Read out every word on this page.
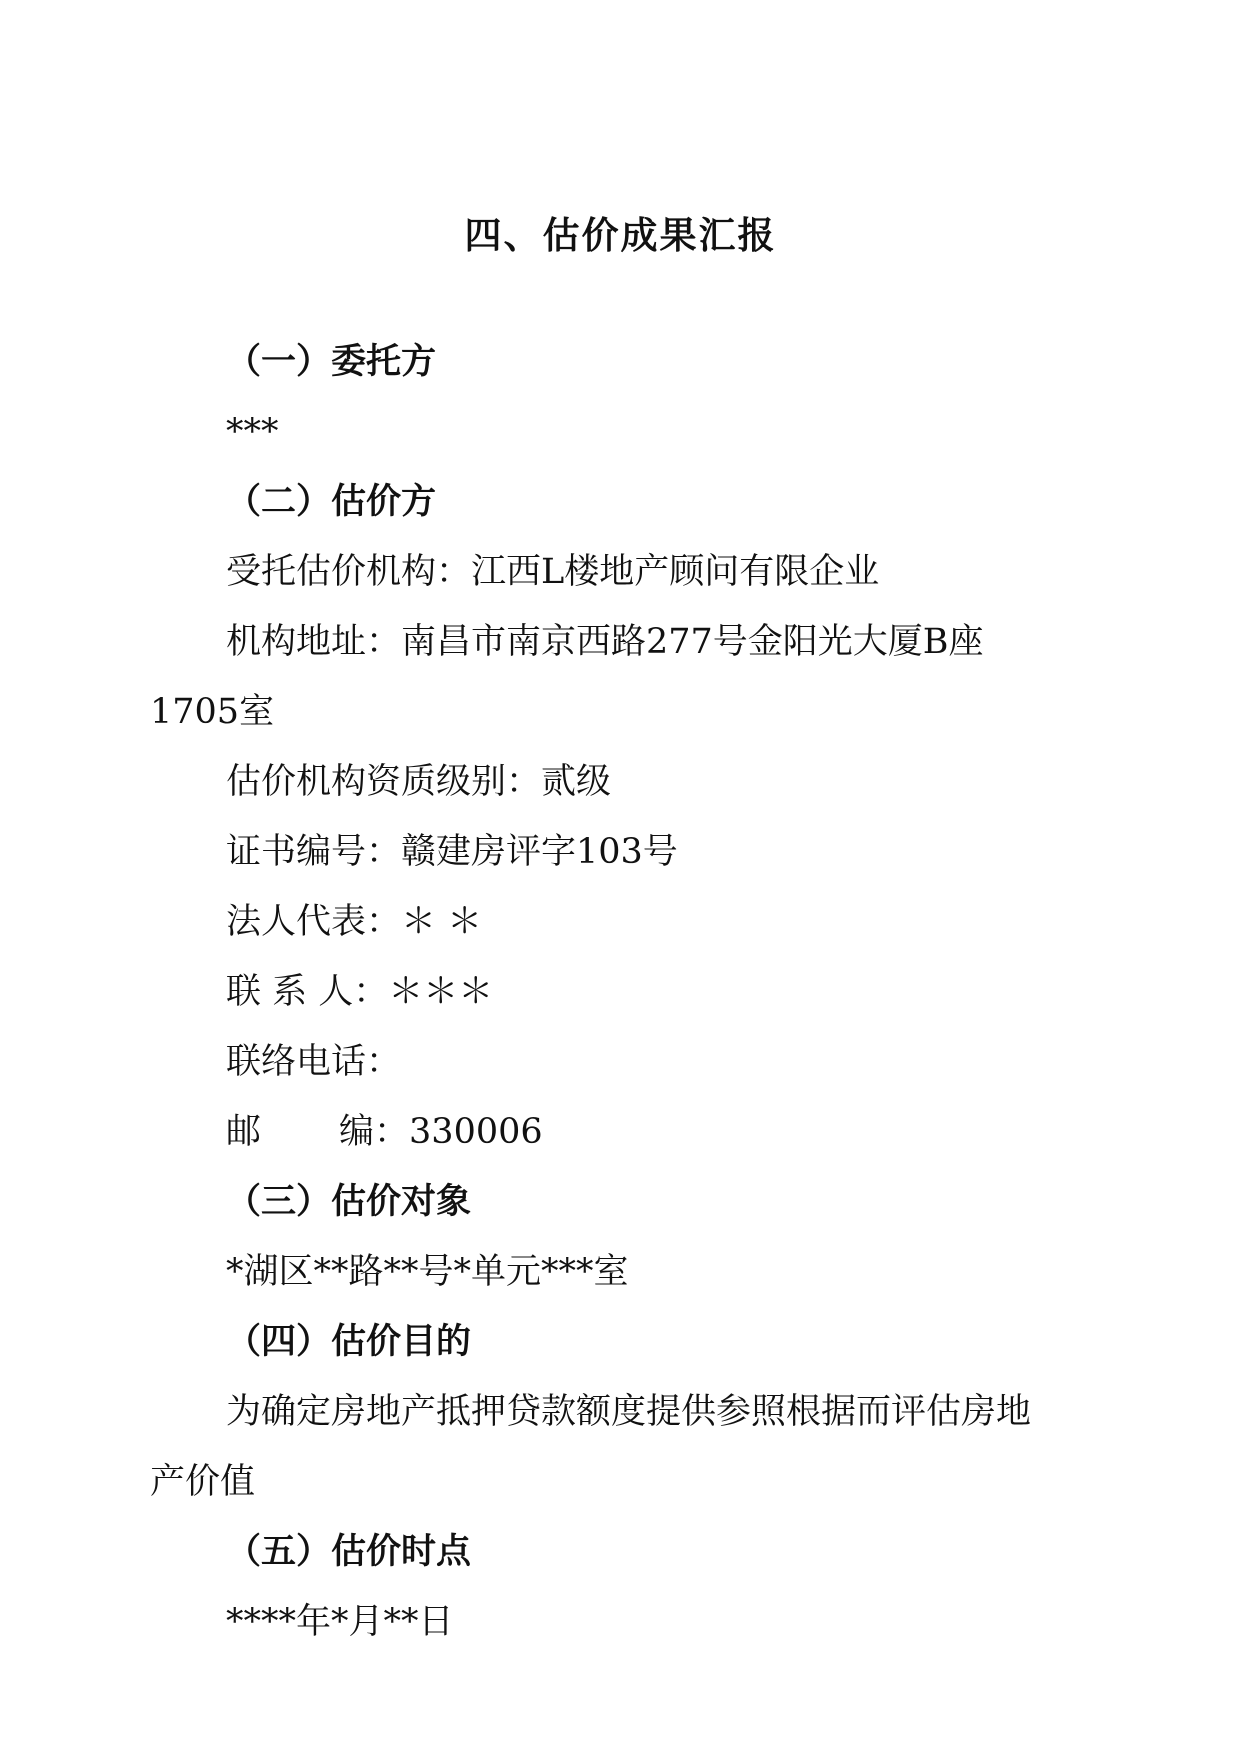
四、估价成果汇报
（一）委托方
***
（二）估价方
受托估价机构：江西L楼地产顾问有限企业
机构地址：南昌市南京西路277号金阳光大厦B座
1705室
估价机构资质级别：贰级
证书编号：赣建房评字103号
法人代表：＊ ＊
联 系 人：＊＊＊
联络电话：
邮 编：330006
（三）估价对象
*湖区**路**号*单元***室
（四）估价目的
为确定房地产抵押贷款额度提供参照根据而评估房地
产价值
（五）估价时点
****年*月**日
